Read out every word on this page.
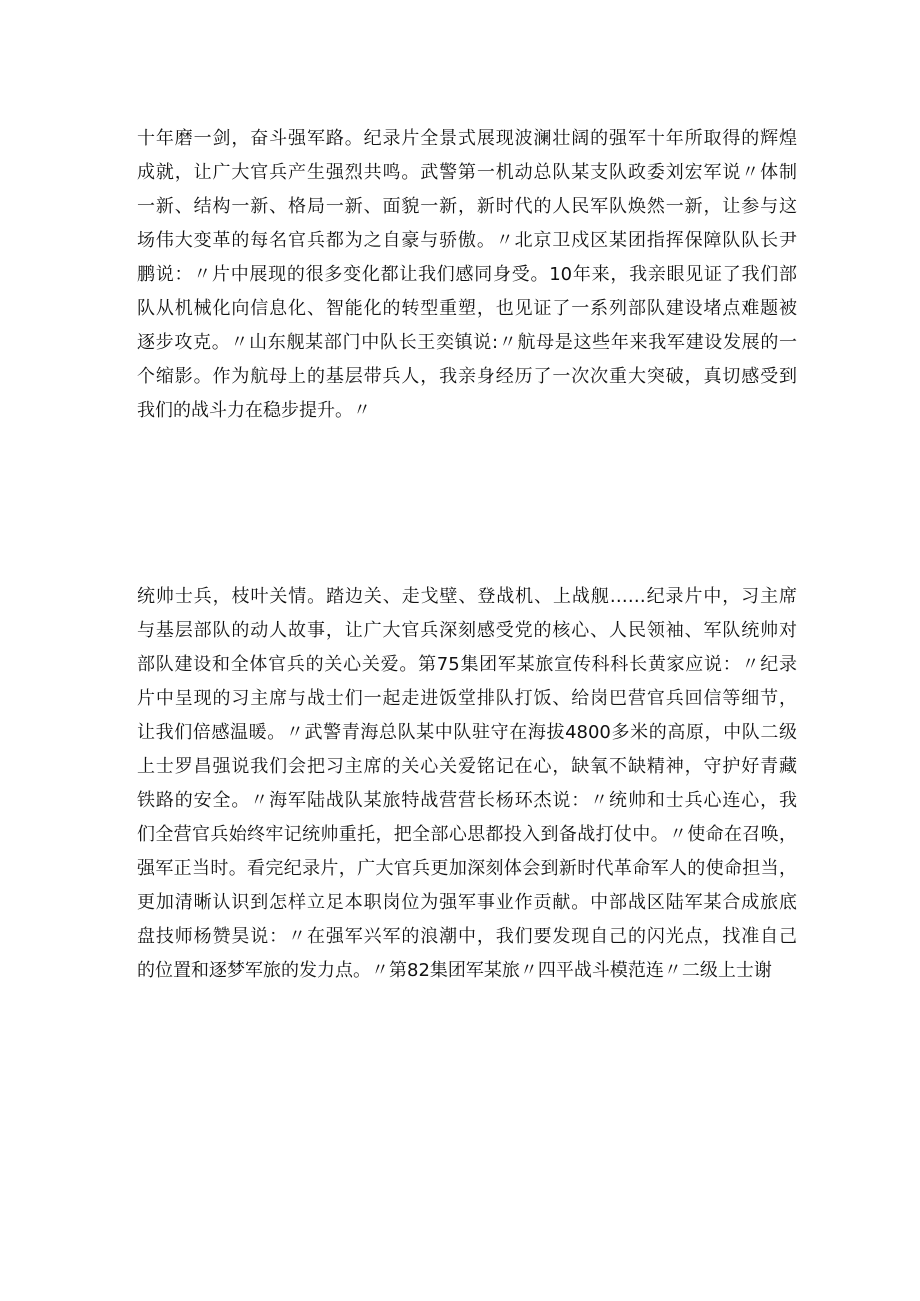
十年磨一剑，奋斗强军路。纪录片全景式展现波澜壮阔的强军十年所取得的辉煌
成就，让广大官兵产生强烈共鸣。武警第一机动总队某支队政委刘宏军说〃体制
一新、结构一新、格局一新、面貌一新，新时代的人民军队焕然一新，让参与这
场伟大变革的每名官兵都为之自豪与骄傲。〃北京卫戍区某团指挥保障队队长尹
鹏说：〃片中展现的很多变化都让我们感同身受。10年来，我亲眼见证了我们部
队从机械化向信息化、智能化的转型重塑，也见证了一系列部队建设堵点难题被
逐步攻克。〃山东舰某部门中队长王奕镇说:〃航母是这些年来我军建设发展的一
个缩影。作为航母上的基层带兵人，我亲身经历了一次次重大突破，真切感受到
我们的战斗力在稳步提升。〃

统帅士兵，枝叶关情。踏边关、走戈壁、登战机、上战舰……纪录片中，习主席
与基层部队的动人故事，让广大官兵深刻感受党的核心、人民领袖、军队统帅对
部队建设和全体官兵的关心关爱。第75集团军某旅宣传科科长黄家应说：〃纪录
片中呈现的习主席与战士们一起走进饭堂排队打饭、给岗巴营官兵回信等细节，
让我们倍感温暖。〃武警青海总队某中队驻守在海拔4800多米的高原，中队二级
上士罗昌强说我们会把习主席的关心关爱铭记在心，缺氧不缺精神，守护好青藏
铁路的安全。〃海军陆战队某旅特战营营长杨环杰说：〃统帅和士兵心连心，我
们全营官兵始终牢记统帅重托，把全部心思都投入到备战打仗中。〃使命在召唤，
强军正当时。看完纪录片，广大官兵更加深刻体会到新时代革命军人的使命担当，
更加清晰认识到怎样立足本职岗位为强军事业作贡献。中部战区陆军某合成旅底
盘技师杨赞昊说：〃在强军兴军的浪潮中，我们要发现自己的闪光点，找准自己
的位置和逐梦军旅的发力点。〃第82集团军某旅〃四平战斗模范连〃二级上士谢
